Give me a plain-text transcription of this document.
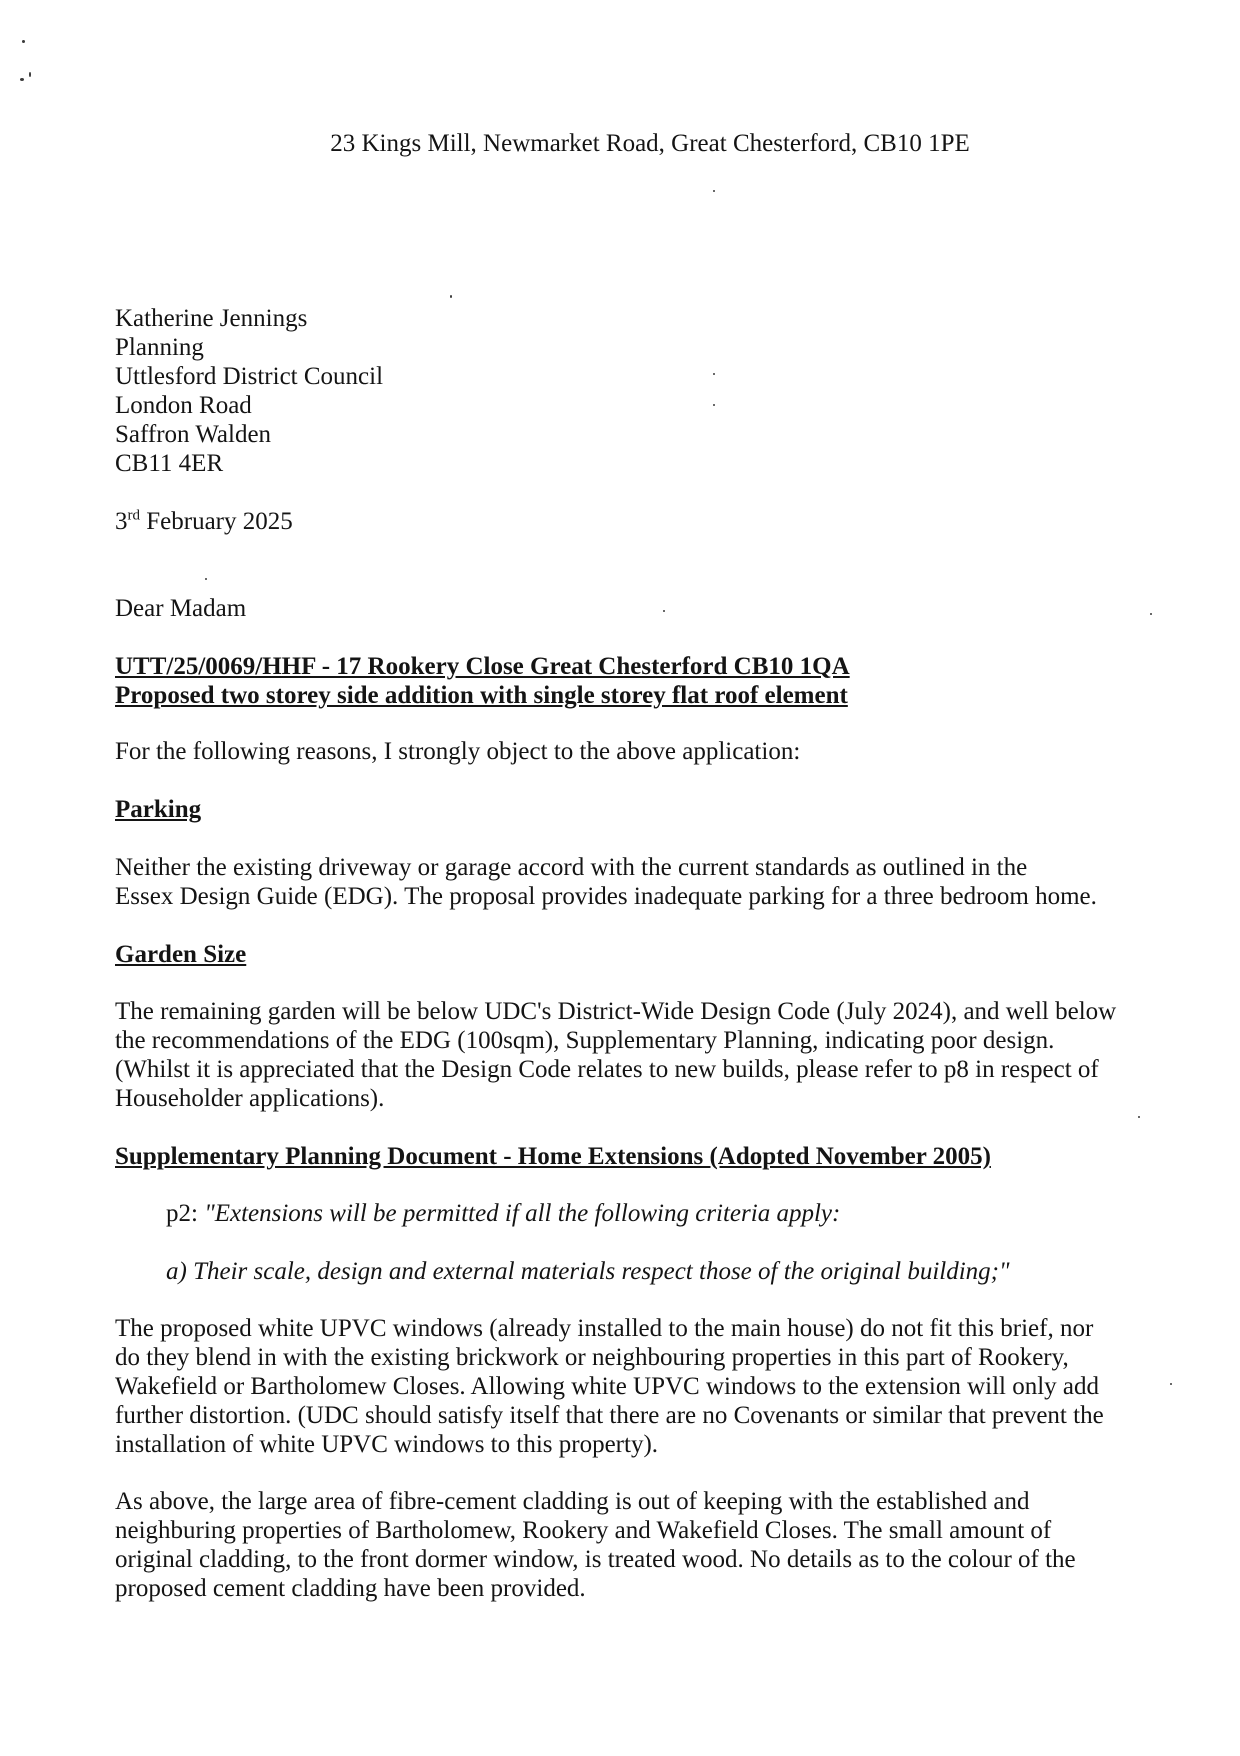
23 Kings Mill, Newmarket Road, Great Chesterford, CB10 1PE

Katherine Jennings
Planning
Uttlesford District Council
London Road
Saffron Walden
CB11 4ER

3rd February 2025

Dear Madam

UTT/25/0069/HHF - 17 Rookery Close Great Chesterford CB10 1QA
Proposed two storey side addition with single storey flat roof element

For the following reasons, I strongly object to the above application:

Parking

Neither the existing driveway or garage accord with the current standards as outlined in the
Essex Design Guide (EDG). The proposal provides inadequate parking for a three bedroom home.

Garden Size

The remaining garden will be below UDC's District-Wide Design Code (July 2024), and well below
the recommendations of the EDG (100sqm), Supplementary Planning, indicating poor design.
(Whilst it is appreciated that the Design Code relates to new builds, please refer to p8 in respect of
Householder applications).

Supplementary Planning Document - Home Extensions (Adopted November 2005)

p2: "Extensions will be permitted if all the following criteria apply:

a) Their scale, design and external materials respect those of the original building;"

The proposed white UPVC windows (already installed to the main house) do not fit this brief, nor
do they blend in with the existing brickwork or neighbouring properties in this part of Rookery,
Wakefield or Bartholomew Closes. Allowing white UPVC windows to the extension will only add
further distortion. (UDC should satisfy itself that there are no Covenants or similar that prevent the
installation of white UPVC windows to this property).
As above, the large area of fibre-cement cladding is out of keeping with the established and
neighburing properties of Bartholomew, Rookery and Wakefield Closes. The small amount of
original cladding, to the front dormer window, is treated wood. No details as to the colour of the
proposed cement cladding have been provided.
